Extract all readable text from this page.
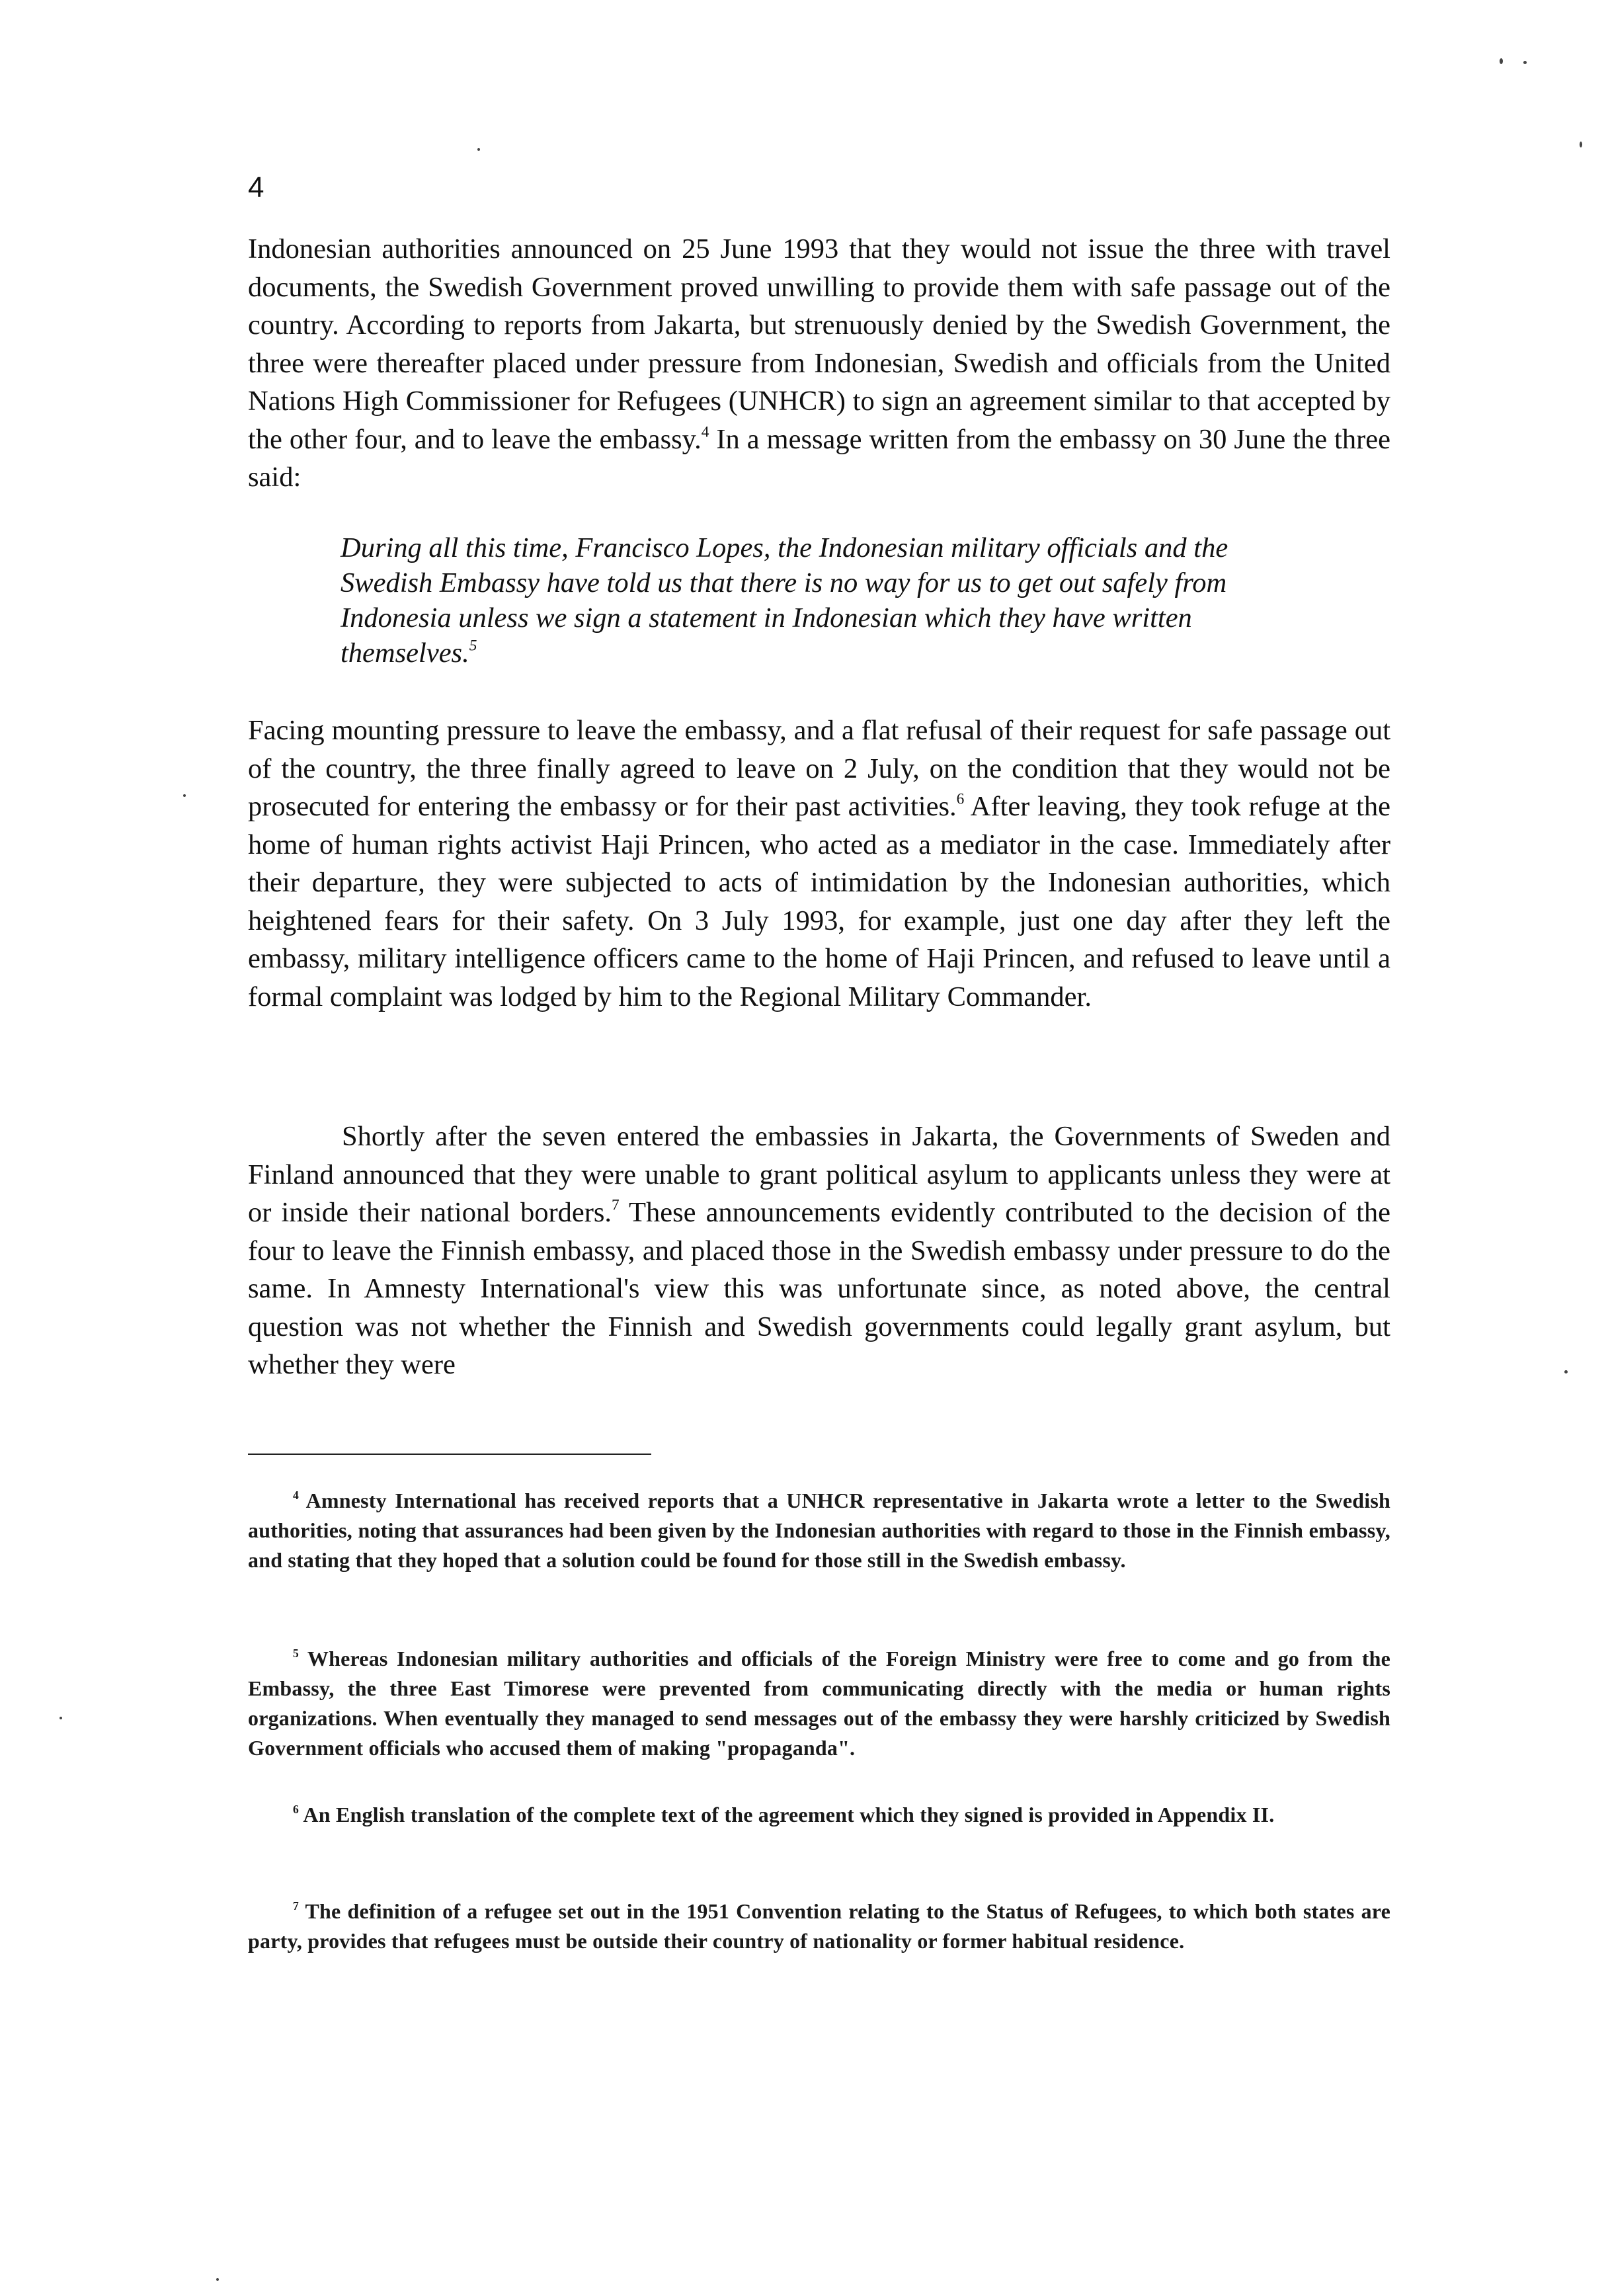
4

Indonesian authorities announced on 25 June 1993 that they would not issue the three with travel documents, the Swedish Government proved unwilling to provide them with safe passage out of the country. According to reports from Jakarta, but strenuously denied by the Swedish Government, the three were thereafter placed under pressure from Indonesian, Swedish and officials from the United Nations High Commissioner for Refugees (UNHCR) to sign an agreement similar to that accepted by the other four, and to leave the embassy.$^4$ In a message written from the embassy on 30 June the three said:

During all this time, Francisco Lopes, the Indonesian military officials and the Swedish Embassy have told us that there is no way for us to get out safely from Indonesia unless we sign a statement in Indonesian which they have written themselves.$^5$

Facing mounting pressure to leave the embassy, and a flat refusal of their request for safe passage out of the country, the three finally agreed to leave on 2 July, on the condition that they would not be prosecuted for entering the embassy or for their past activities.$^6$ After leaving, they took refuge at the home of human rights activist Haji Princen, who acted as a mediator in the case. Immediately after their departure, they were subjected to acts of intimidation by the Indonesian authorities, which heightened fears for their safety. On 3 July 1993, for example, just one day after they left the embassy, military intelligence officers came to the home of Haji Princen, and refused to leave until a formal complaint was lodged by him to the Regional Military Commander.

Shortly after the seven entered the embassies in Jakarta, the Governments of Sweden and Finland announced that they were unable to grant political asylum to applicants unless they were at or inside their national borders.$^7$ These announcements evidently contributed to the decision of the four to leave the Finnish embassy, and placed those in the Swedish embassy under pressure to do the same. In Amnesty International's view this was unfortunate since, as noted above, the central question was not whether the Finnish and Swedish governments could legally grant asylum, but whether they were

$^4$ Amnesty International has received reports that a UNHCR representative in Jakarta wrote a letter to the Swedish authorities, noting that assurances had been given by the Indonesian authorities with regard to those in the Finnish embassy, and stating that they hoped that a solution could be found for those still in the Swedish embassy.

$^5$ Whereas Indonesian military authorities and officials of the Foreign Ministry were free to come and go from the Embassy, the three East Timorese were prevented from communicating directly with the media or human rights organizations. When eventually they managed to send messages out of the embassy they were harshly criticized by Swedish Government officials who accused them of making "propaganda".

$^6$ An English translation of the complete text of the agreement which they signed is provided in Appendix II.

$^7$ The definition of a refugee set out in the 1951 Convention relating to the Status of Refugees, to which both states are party, provides that refugees must be outside their country of nationality or former habitual residence.
